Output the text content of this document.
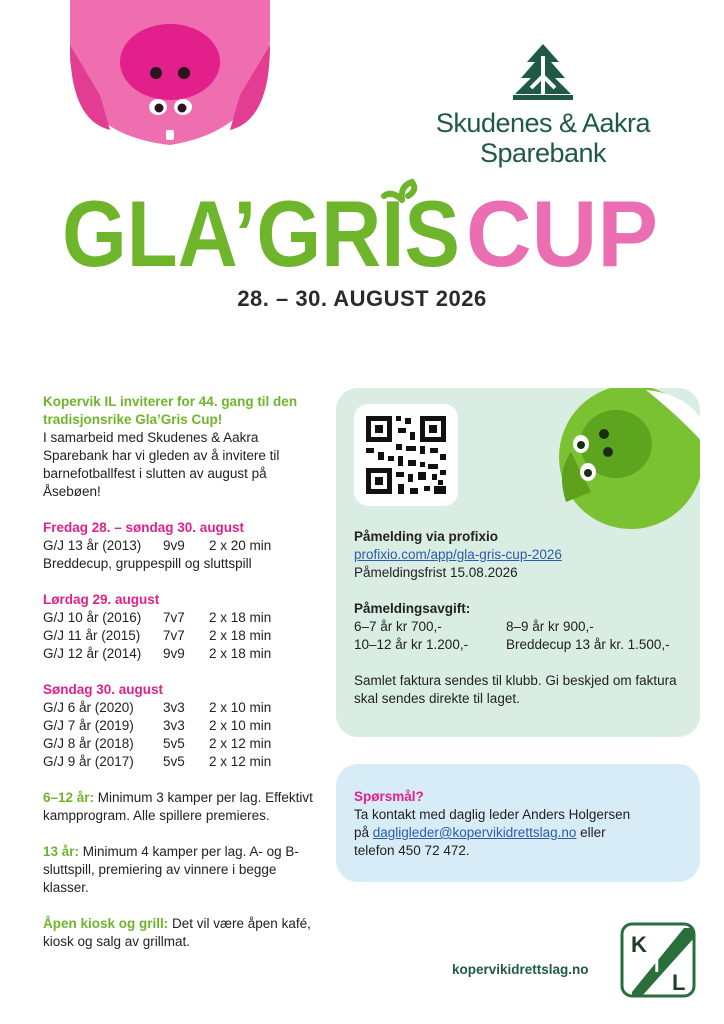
Skudenes & Aakra
Sparebank
GLA’GRIS CUP
28. – 30. AUGUST 2026
Kopervik IL inviterer for 44. gang til den tradisjonsrike Gla’Gris Cup!
I samarbeid med Skudenes & Aakra Sparebank har vi gleden av å invitere til barnefotballfest i slutten av august på Åsebøen!
Fredag 28. – søndag 30. august
G/J 13 år (2013)	9v9	2 x 20 min
Breddecup, gruppespill og sluttspill
Lørdag 29. august
G/J 10 år (2016)	7v7	2 x 18 min
G/J 11 år (2015)	7v7	2 x 18 min
G/J 12 år (2014)	9v9	2 x 18 min
Søndag 30. august
G/J 6 år (2020)	3v3	2 x 10 min
G/J 7 år (2019)	3v3	2 x 10 min
G/J 8 år (2018)	5v5	2 x 12 min
G/J 9 år (2017)	5v5	2 x 12 min
6–12 år: Minimum 3 kamper per lag. Effektivt kampprogram. Alle spillere premieres.
13 år: Minimum 4 kamper per lag. A- og B-sluttspill, premiering av vinnere i begge klasser.
Åpen kiosk og grill: Det vil være åpen kafé, kiosk og salg av grillmat.
Påmelding via profixio
profixio.com/app/gla-gris-cup-2026
Påmeldingsfrist 15.08.2026
Påmeldingsavgift:
6–7 år kr 700,-	8–9 år kr 900,-
10–12 år kr 1.200,-	Breddecup 13 år kr. 1.500,-
Samlet faktura sendes til klubb. Gi beskjed om faktura skal sendes direkte til laget.
Spørsmål?
Ta kontakt med daglig leder Anders Holgersen
på dagligleder@kopervikidrettslag.no eller
telefon 450 72 472.
kopervikidrettslag.no
K
I
L
